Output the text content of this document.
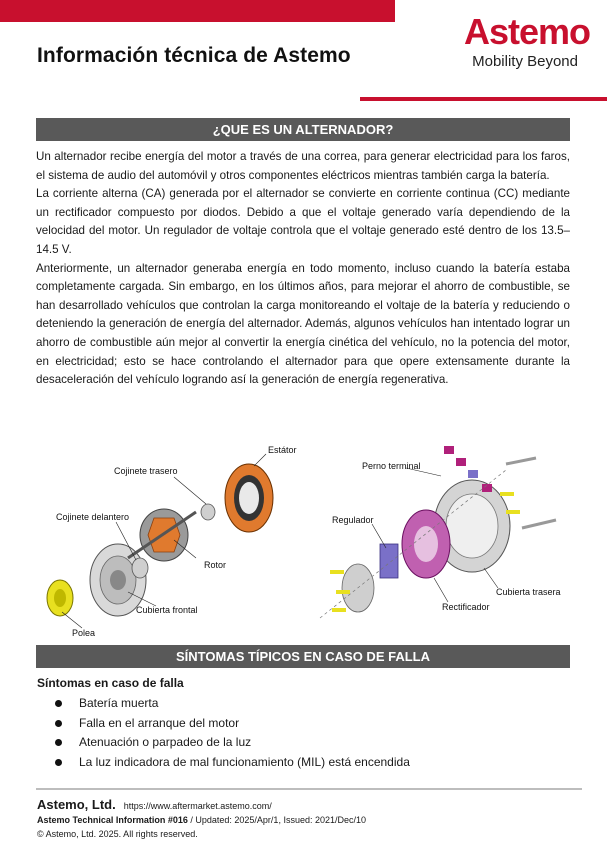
Información técnica de Astemo
Astemo
Mobility Beyond
¿QUE ES UN ALTERNADOR?

Un alternador recibe energía del motor a través de una correa, para generar electricidad para los faros, el sistema de audio del automóvil y otros componentes eléctricos mientras también carga la batería.

La corriente alterna (CA) generada por el alternador se convierte en corriente continua (CC) mediante un rectificador compuesto por diodos. Debido a que el voltaje generado varía dependiendo de la velocidad del motor. Un regulador de voltaje controla que el voltaje generado esté dentro de los 13.5–14.5 V.

Anteriormente, un alternador generaba energía en todo momento, incluso cuando la batería estaba completamente cargada. Sin embargo, en los últimos años, para mejorar el ahorro de combustible, se han desarrollado vehículos que controlan la carga monitoreando el voltaje de la batería y reduciendo o deteniendo la generación de energía del alternador. Además, algunos vehículos han intentado lograr un ahorro de combustible aún mejor al convertir la energía cinética del vehículo, no la potencia del motor, en electricidad; esto se hace controlando el alternador para que opere extensamente durante la desaceleración del vehículo logrando así la generación de energía regenerativa.

Estátor
Cojinete trasero
Cojinete delantero
Rotor
Cubierta frontal
Polea
Perno terminal
Regulador
Cubierta trasera
Rectificador
SÍNTOMAS TÍPICOS EN CASO DE FALLA
Síntomas en caso de falla
Batería muerta
Falla en el arranque del motor
Atenuación o parpadeo de la luz
La luz indicadora de mal funcionamiento (MIL) está encendida
Astemo, Ltd. https://www.aftermarket.astemo.com/
Astemo Technical Information #016 / Updated: 2025/Apr/1, Issued: 2021/Dec/10
© Astemo, Ltd. 2025. All rights reserved.
